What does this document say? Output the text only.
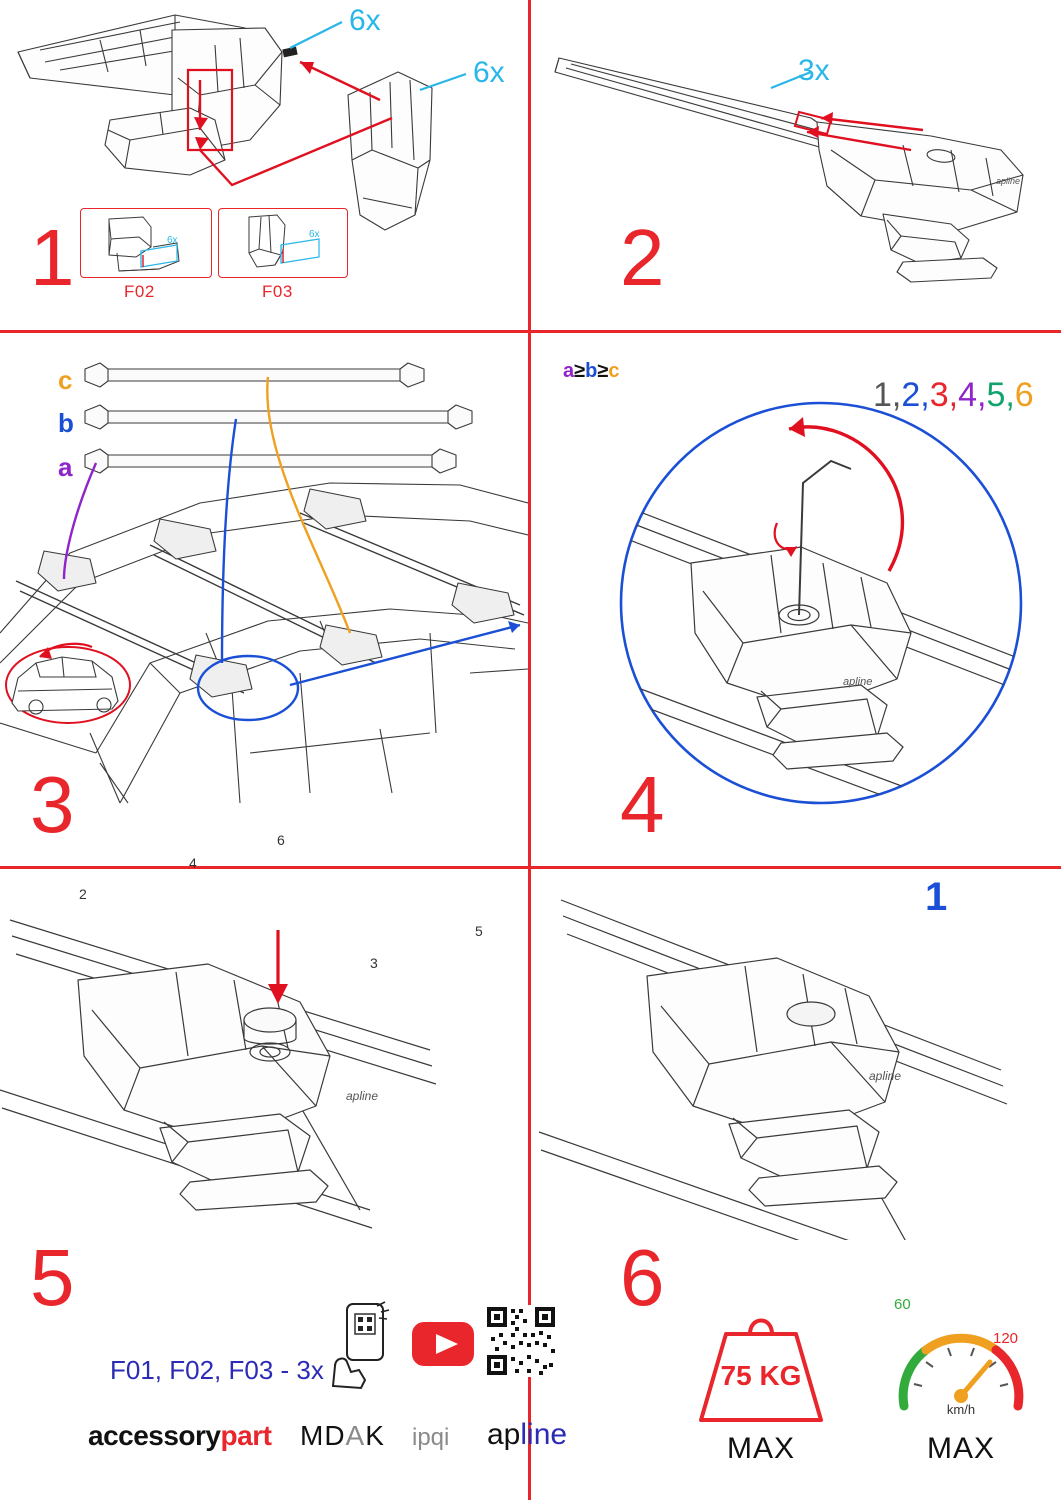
6x
6x
6x
F02
6x
F03
1
apline
3x
2
c
b
a
a≥b≥c
2
3
4
5
6
3
apline
1
1,2,3,4,5,6
4
apline
apline
5	6
F01, F02, F03 - 3x
accessory part MD A K ipqi ap line
75 KG
MAX
60
120
km/h
MAX
